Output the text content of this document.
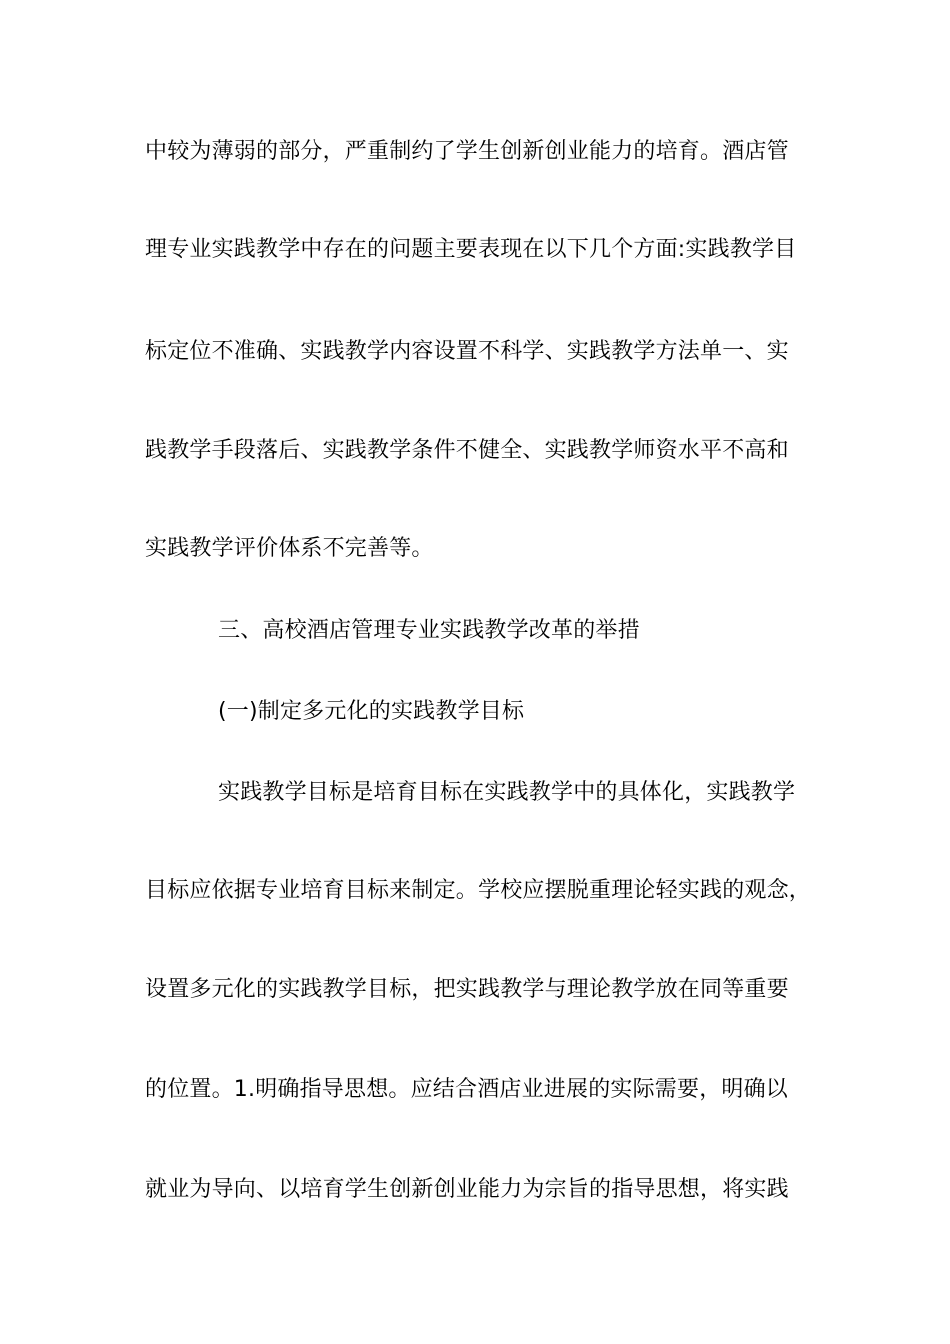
中较为薄弱的部分，严重制约了学生创新创业能力的培育。酒店管
理专业实践教学中存在的问题主要表现在以下几个方面:实践教学目
标定位不准确、实践教学内容设置不科学、实践教学方法单一、实
践教学手段落后、实践教学条件不健全、实践教学师资水平不高和
实践教学评价体系不完善等。
三、高校酒店管理专业实践教学改革的举措
(一)制定多元化的实践教学目标
实践教学目标是培育目标在实践教学中的具体化，实践教学
目标应依据专业培育目标来制定。学校应摆脱重理论轻实践的观念，
设置多元化的实践教学目标，把实践教学与理论教学放在同等重要
的位置。1.明确指导思想。应结合酒店业进展的实际需要，明确以
就业为导向、以培育学生创新创业能力为宗旨的指导思想，将实践
